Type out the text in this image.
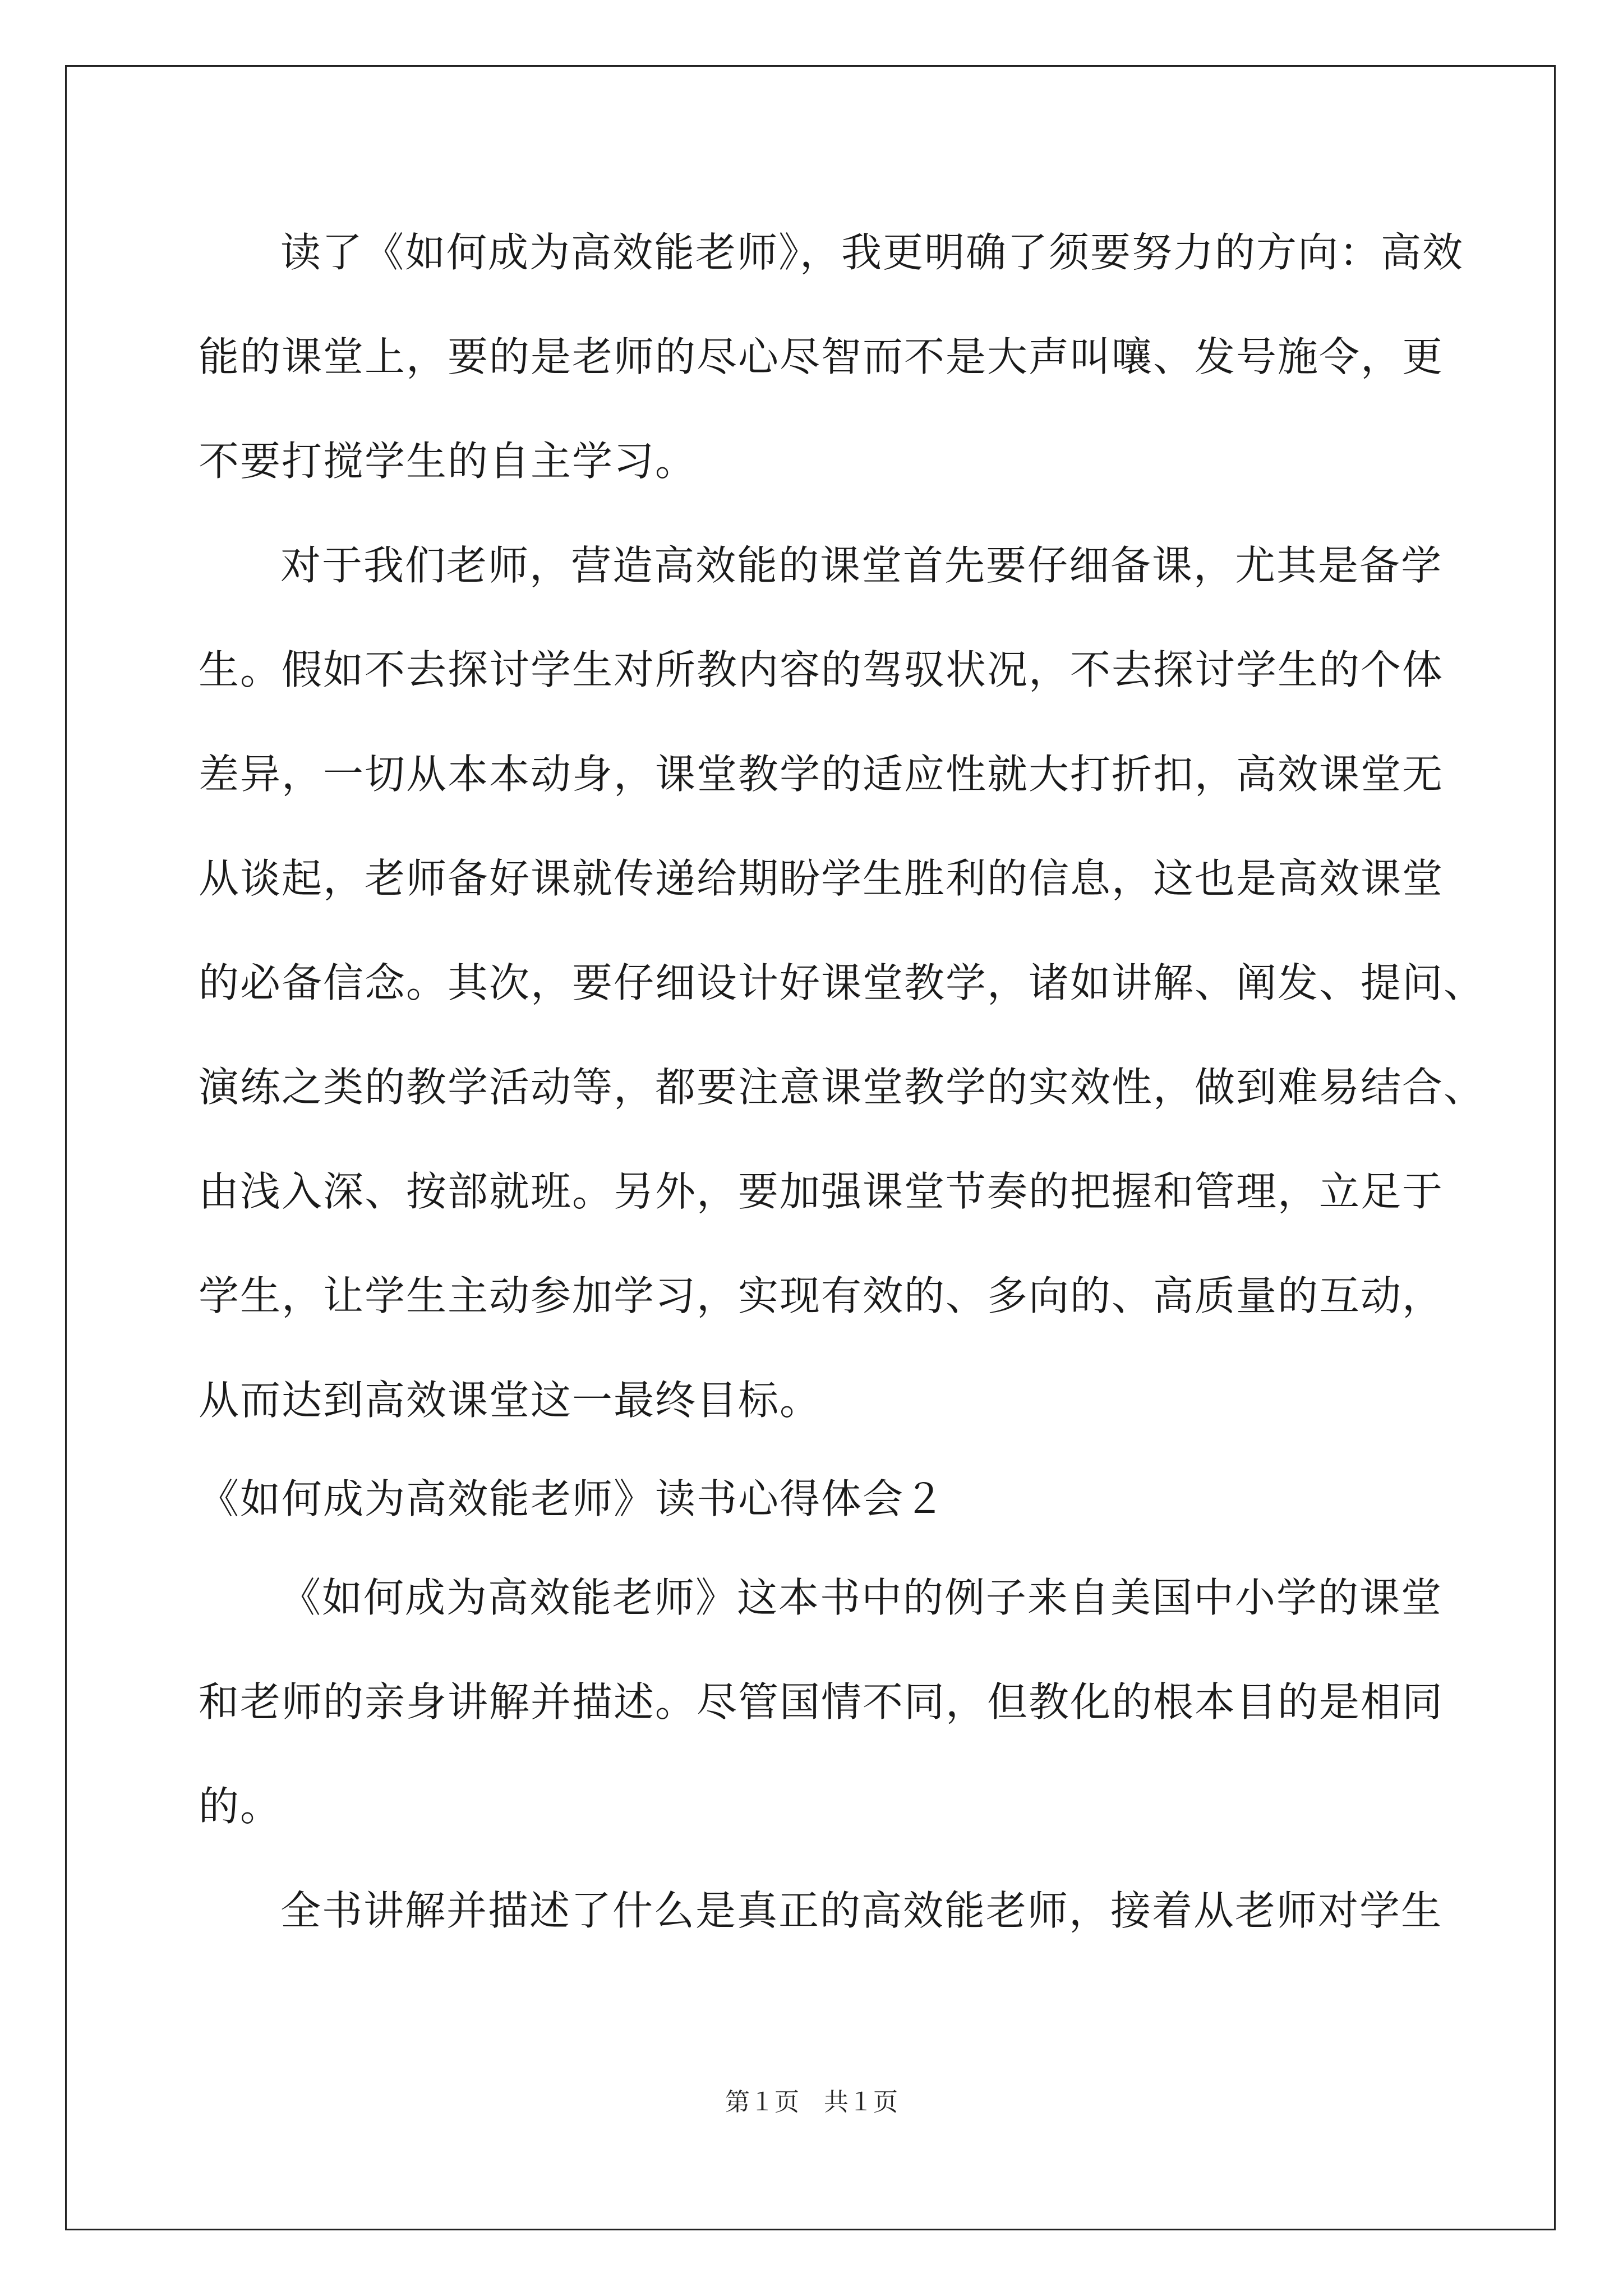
读了《如何成为高效能老师》，我更明确了须要努力的方向：高效
能的课堂上，要的是老师的尽心尽智而不是大声叫嚷、发号施令，更
不要打搅学生的自主学习。
对于我们老师，营造高效能的课堂首先要仔细备课，尤其是备学
生。假如不去探讨学生对所教内容的驾驭状况，不去探讨学生的个体
差异，一切从本本动身，课堂教学的适应性就大打折扣，高效课堂无
从谈起，老师备好课就传递给期盼学生胜利的信息，这也是高效课堂
的必备信念。其次，要仔细设计好课堂教学，诸如讲解、阐发、提问、
演练之类的教学活动等，都要注意课堂教学的实效性，做到难易结合、
由浅入深、按部就班。另外，要加强课堂节奏的把握和管理，立足于
学生，让学生主动参加学习，实现有效的、多向的、高质量的互动，
从而达到高效课堂这一最终目标。
《如何成为高效能老师》读书心得体会２
《如何成为高效能老师》这本书中的例子来自美国中小学的课堂
和老师的亲身讲解并描述。尽管国情不同，但教化的根本目的是相同
的。
全书讲解并描述了什么是真正的高效能老师，接着从老师对学生
第１页　共１页
